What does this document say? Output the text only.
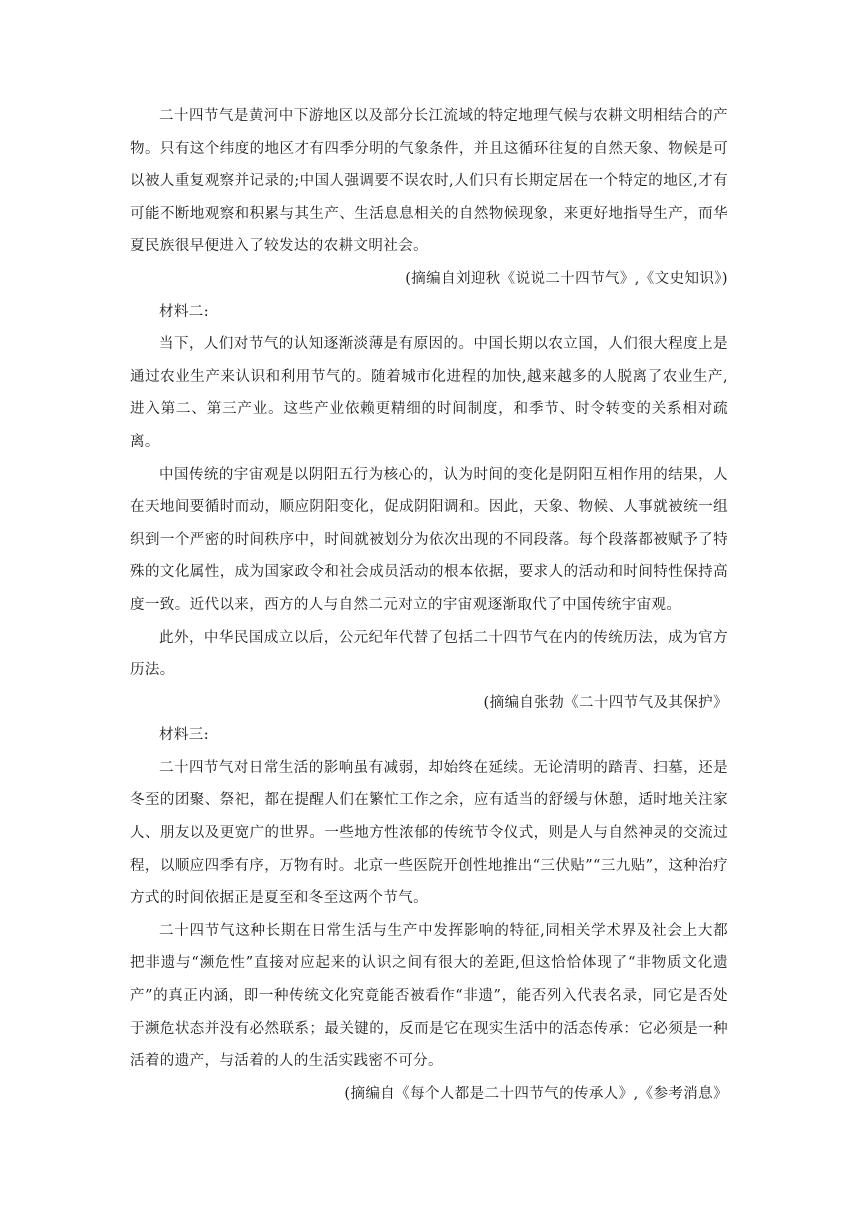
二十四节气是黄河中下游地区以及部分长江流域的特定地理气候与农耕文明相结合的产物。只有这个纬度的地区才有四季分明的气象条件，并且这循环往复的自然天象、物候是可以被人重复观察并记录的;中国人强调要不误农时,人们只有长期定居在一个特定的地区,才有可能不断地观察和积累与其生产、生活息息相关的自然物候现象，来更好地指导生产，而华夏民族很早便进入了较发达的农耕文明社会。

(摘编自刘迎秋《说说二十四节气》,《文史知识》)

材料二:

当下，人们对节气的认知逐渐淡薄是有原因的。中国长期以农立国，人们很大程度上是通过农业生产来认识和利用节气的。随着城市化进程的加快,越来越多的人脱离了农业生产,进入第二、第三产业。这些产业依赖更精细的时间制度，和季节、时令转变的关系相对疏离。

中国传统的宇宙观是以阴阳五行为核心的，认为时间的变化是阴阳互相作用的结果，人在天地间要循时而动，顺应阴阳变化，促成阴阳调和。因此，天象、物候、人事就被统一组织到一个严密的时间秩序中，时间就被划分为依次出现的不同段落。每个段落都被赋予了特殊的文化属性，成为国家政令和社会成员活动的根本依据，要求人的活动和时间特性保持高度一致。近代以来，西方的人与自然二元对立的宇宙观逐渐取代了中国传统宇宙观。

此外，中华民国成立以后，公元纪年代替了包括二十四节气在内的传统历法，成为官方历法。

(摘编自张勃《二十四节气及其保护》

材料三:

二十四节气对日常生活的影响虽有减弱，却始终在延续。无论清明的踏青、扫墓，还是冬至的团聚、祭祀，都在提醒人们在繁忙工作之余，应有适当的舒缓与休憩，适时地关注家人、朋友以及更宽广的世界。一些地方性浓郁的传统节令仪式，则是人与自然神灵的交流过程，以顺应四季有序，万物有时。北京一些医院开创性地推出“三伏贴”“三九贴”，这种治疗方式的时间依据正是夏至和冬至这两个节气。

二十四节气这种长期在日常生活与生产中发挥影响的特征,同相关学术界及社会上大都把非遗与“濒危性”直接对应起来的认识之间有很大的差距,但这恰恰体现了“非物质文化遗产”的真正内涵，即一种传统文化究竟能否被看作“非遗”，能否列入代表名录，同它是否处于濒危状态并没有必然联系；最关键的，反而是它在现实生活中的活态传承：它必须是一种活着的遗产，与活着的人的生活实践密不可分。

(摘编自《每个人都是二十四节气的传承人》,《参考消息》
